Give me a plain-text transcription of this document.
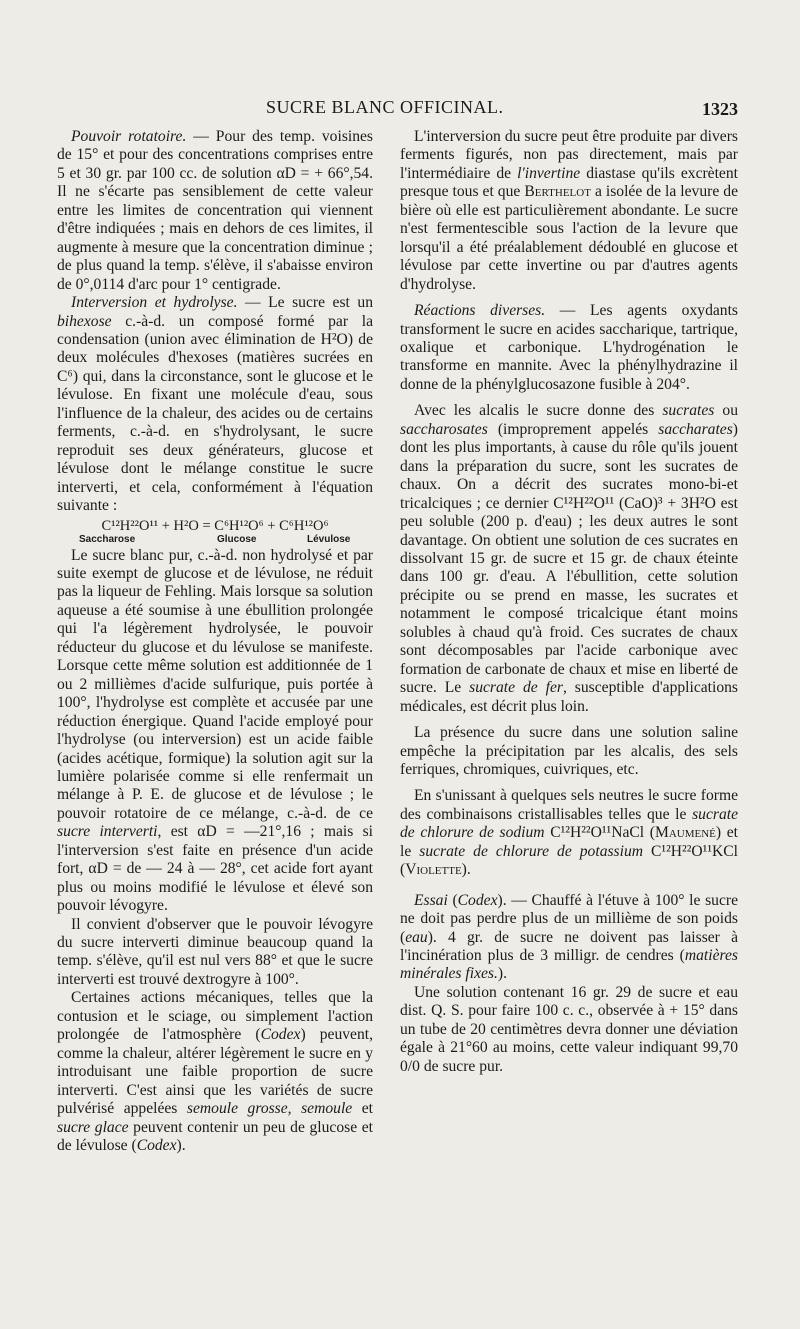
SUCRE BLANC OFFICINAL.	1323

Pouvoir rotatoire. — Pour des temp. voisines de 15° et pour des concentrations comprises entre 5 et 30 gr. par 100 cc. de solution αD = + 66°,54. Il ne s'écarte pas sensiblement de cette valeur entre les limites de concentration qui viennent d'être indiquées ; mais en dehors de ces limites, il augmente à mesure que la concentration diminue ; de plus quand la temp. s'élève, il s'abaisse environ de 0°,0114 d'arc pour 1° centigrade.

Interversion et hydrolyse. — Le sucre est un bihexose c.-à-d. un composé formé par la condensation (union avec élimination de H²O) de deux molécules d'hexoses (matières sucrées en C⁶) qui, dans la circonstance, sont le glucose et le lévulose. En fixant une molécule d'eau, sous l'influence de la chaleur, des acides ou de certains ferments, c.-à-d. en s'hydrolysant, le sucre reproduit ses deux générateurs, glucose et lévulose dont le mélange constitue le sucre interverti, et cela, conformément à l'équation suivante :

C¹²H²²O¹¹ + H²O = C⁶H¹²O⁶ + C⁶H¹²O⁶
Saccharose	Glucose	Lévulose

Le sucre blanc pur, c.-à-d. non hydrolysé et par suite exempt de glucose et de lévulose, ne réduit pas la liqueur de Fehling. Mais lorsque sa solution aqueuse a été soumise à une ébullition prolongée qui l'a légèrement hydrolysée, le pouvoir réducteur du glucose et du lévulose se manifeste. Lorsque cette même solution est additionnée de 1 ou 2 millièmes d'acide sulfurique, puis portée à 100°, l'hydrolyse est complète et accusée par une réduction énergique. Quand l'acide employé pour l'hydrolyse (ou interversion) est un acide faible (acides acétique, formique) la solution agit sur la lumière polarisée comme si elle renfermait un mélange à P. E. de glucose et de lévulose ; le pouvoir rotatoire de ce mélange, c.-à-d. de ce sucre interverti, est αD = —21°,16 ; mais si l'interversion s'est faite en présence d'un acide fort, αD = de — 24 à — 28°, cet acide fort ayant plus ou moins modifié le lévulose et élevé son pouvoir lévogyre.

Il convient d'observer que le pouvoir lévogyre du sucre interverti diminue beaucoup quand la temp. s'élève, qu'il est nul vers 88° et que le sucre interverti est trouvé dextrogyre à 100°.

Certaines actions mécaniques, telles que la contusion et le sciage, ou simplement l'action prolongée de l'atmosphère (Codex) peuvent, comme la chaleur, altérer légèrement le sucre en y introduisant une faible proportion de sucre interverti. C'est ainsi que les variétés de sucre pulvérisé appelées semoule grosse, semoule et sucre glace peuvent contenir un peu de glucose et de lévulose (Codex).

L'interversion du sucre peut être produite par divers ferments figurés, non pas directement, mais par l'intermédiaire de l'invertine diastase qu'ils excrètent presque tous et que Berthelot a isolée de la levure de bière où elle est particulièrement abondante. Le sucre n'est fermentescible sous l'action de la levure que lorsqu'il a été préalablement dédoublé en glucose et lévulose par cette invertine ou par d'autres agents d'hydrolyse.

Réactions diverses. — Les agents oxydants transforment le sucre en acides saccharique, tartrique, oxalique et carbonique. L'hydrogénation le transforme en mannite. Avec la phénylhydrazine il donne de la phénylglucosazone fusible à 204°.

Avec les alcalis le sucre donne des sucrates ou saccharosates (improprement appelés saccharates) dont les plus importants, à cause du rôle qu'ils jouent dans la préparation du sucre, sont les sucrates de chaux. On a décrit des sucrates mono-bi-et tricalciques ; ce dernier C¹²H²²O¹¹ (CaO)³ + 3H²O est peu soluble (200 p. d'eau) ; les deux autres le sont davantage. On obtient une solution de ces sucrates en dissolvant 15 gr. de sucre et 15 gr. de chaux éteinte dans 100 gr. d'eau. A l'ébullition, cette solution précipite ou se prend en masse, les sucrates et notamment le composé tricalcique étant moins solubles à chaud qu'à froid. Ces sucrates de chaux sont décomposables par l'acide carbonique avec formation de carbonate de chaux et mise en liberté de sucre. Le sucrate de fer, susceptible d'applications médicales, est décrit plus loin.

La présence du sucre dans une solution saline empêche la précipitation par les alcalis, des sels ferriques, chromiques, cuivriques, etc.

En s'unissant à quelques sels neutres le sucre forme des combinaisons cristallisables telles que le sucrate de chlorure de sodium C¹²H²²O¹¹NaCl (Maumené) et le sucrate de chlorure de potassium C¹²H²²O¹¹KCl (Violette).

Essai (Codex). — Chauffé à l'étuve à 100° le sucre ne doit pas perdre plus de un millième de son poids (eau). 4 gr. de sucre ne doivent pas laisser à l'incinération plus de 3 milligr. de cendres (matières minérales fixes.).

Une solution contenant 16 gr. 29 de sucre et eau dist. Q. S. pour faire 100 c. c., observée à + 15° dans un tube de 20 centimètres devra donner une déviation égale à 21°60 au moins, cette valeur indiquant 99,70 0/0 de sucre pur.
